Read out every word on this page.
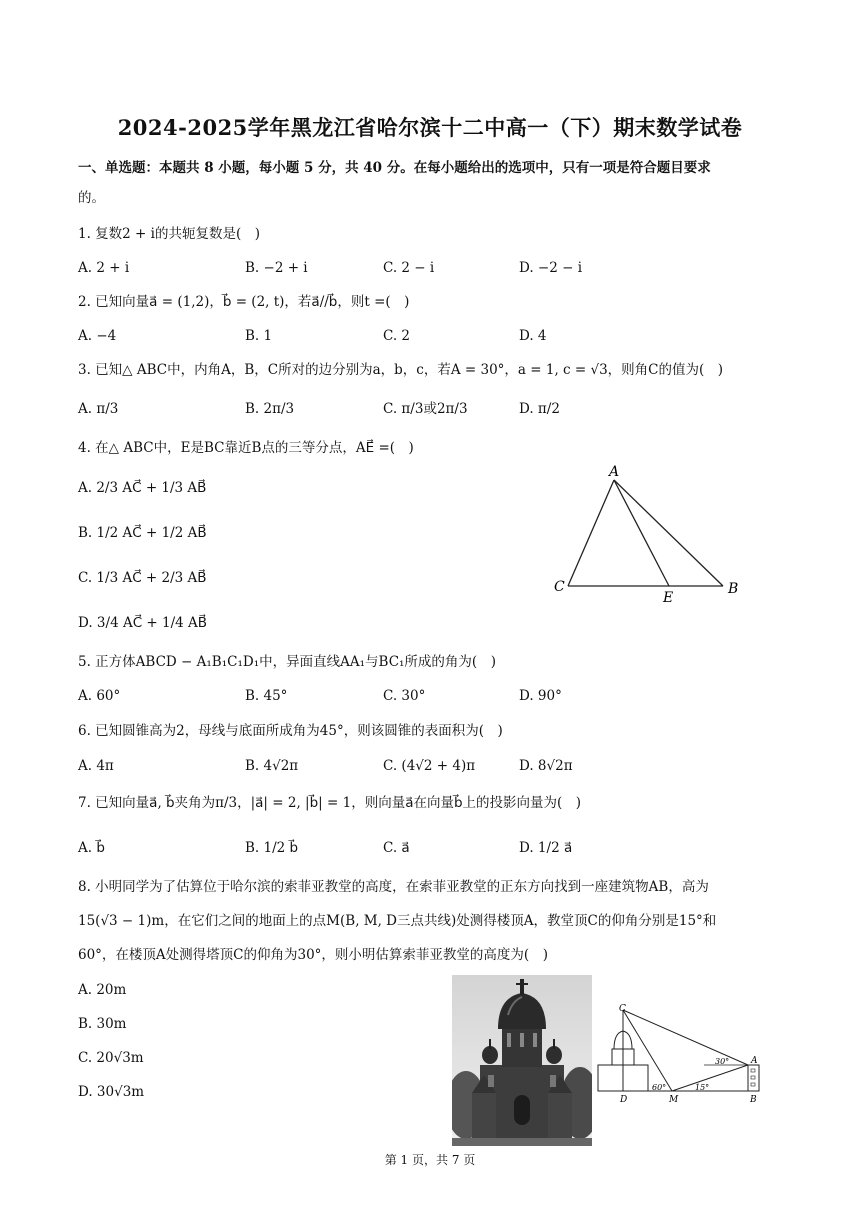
2024-2025学年黑龙江省哈尔滨十二中高一（下）期末数学试卷
一、单选题：本题共 8 小题，每小题 5 分，共 40 分。在每小题给出的选项中，只有一项是符合题目要求
的。
1. 复数2 + i的共轭复数是(　)
A. 2 + i	B. −2 + i	C. 2 − i	D. −2 − i
2. 已知向量a⃗ = (1,2)，b⃗ = (2, t)，若a⃗//b⃗，则t =(　)
A. −4	B. 1	C. 2	D. 4
3. 已知△ ABC中，内角A，B，C所对的边分别为a，b，c，若A = 30°，a = 1, c = √3，则角C的值为(　)
A. π/3	B. 2π/3	C. π/3或2π/3	D. π/2
4. 在△ ABC中，E是BC靠近B点的三等分点，AE⃗ =(　)
A. 2/3 AC⃗ + 1/3 AB⃗
B. 1/2 AC⃗ + 1/2 AB⃗
C. 1/3 AC⃗ + 2/3 AB⃗
D. 3/4 AC⃗ + 1/4 AB⃗
A
C
E
B
5. 正方体ABCD − A₁B₁C₁D₁中，异面直线AA₁与BC₁所成的角为(　)
A. 60°	B. 45°	C. 30°	D. 90°
6. 已知圆锥高为2，母线与底面所成角为45°，则该圆锥的表面积为(　)
A. 4π	B. 4√2π	C. (4√2 + 4)π	D. 8√2π
7. 已知向量a⃗, b⃗夹角为π/3，|a⃗| = 2, |b⃗| = 1，则向量a⃗在向量b⃗上的投影向量为(　)
A. b⃗	B. 1/2 b⃗	C. a⃗	D. 1/2 a⃗
8. 小明同学为了估算位于哈尔滨的索菲亚教堂的高度，在索菲亚教堂的正东方向找到一座建筑物AB，高为
15(√3 − 1)m，在它们之间的地面上的点M(B, M, D三点共线)处测得楼顶A，教堂顶C的仰角分别是15°和
60°，在楼顶A处测得塔顶C的仰角为30°，则小明估算索菲亚教堂的高度为(　)
A. 20m
B. 30m
C. 20√3m
D. 30√3m
C
A
D	M	B
30°
60°	15°
第 1 页，共 7 页
